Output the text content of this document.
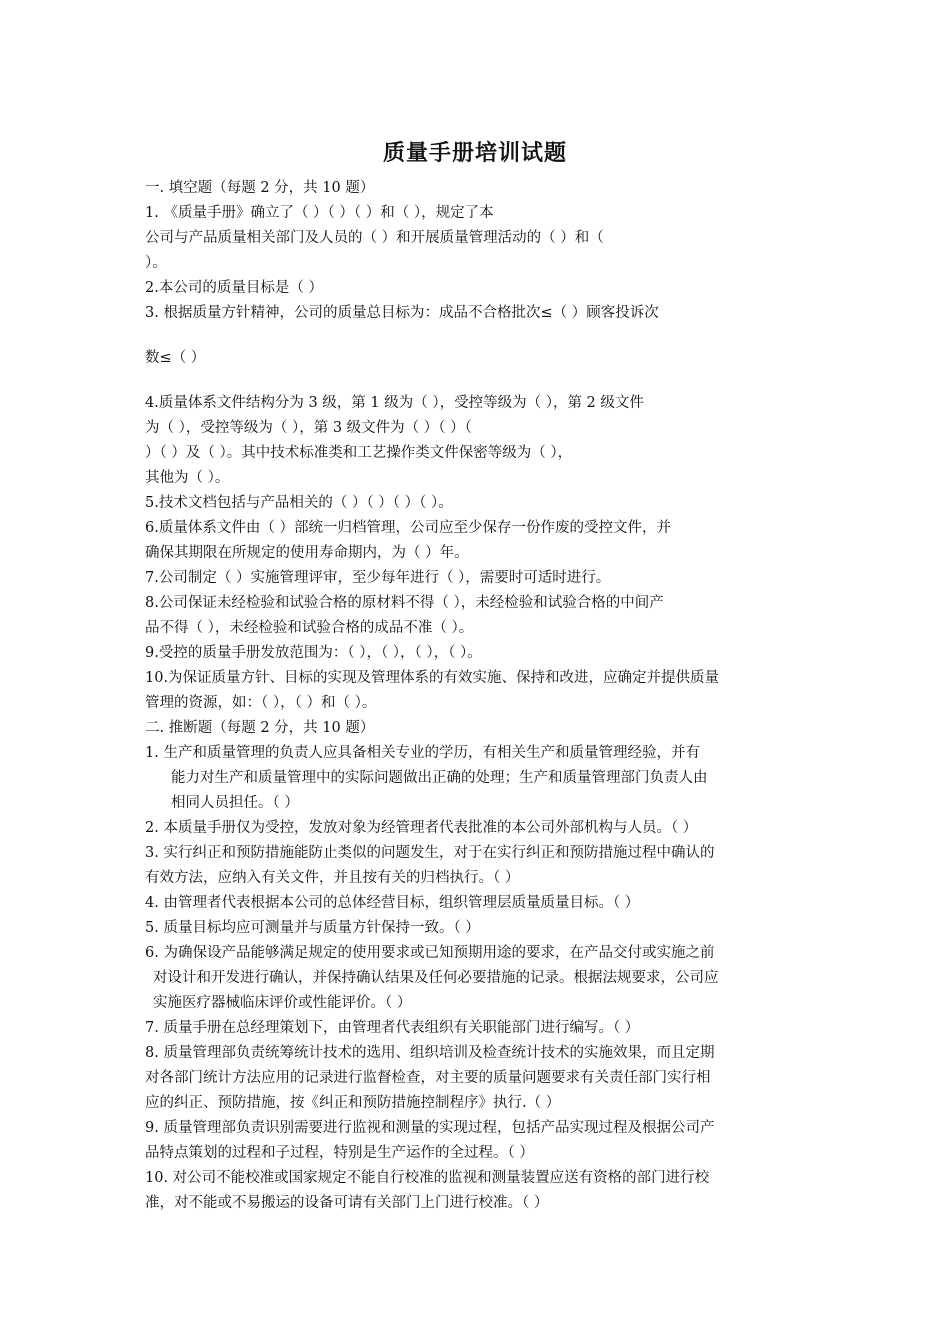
质量手册培训试题
一. 填空题（每题 2 分，共 10 题）
1. 《质量手册》确立了（ ）（ ）（ ）和（ ），规定了本
公司与产品质量相关部门及人员的（ ）和开展质量管理活动的（ ）和（
）。
2.本公司的质量目标是（ ）
3. 根据质量方针精神，公司的质量总目标为：成品不合格批次≤（ ）顾客投诉次
数≤（ ）
4.质量体系文件结构分为 3 级，第 1 级为（ ），受控等级为（ ），第 2 级文件
为（ ），受控等级为（ ），第 3 级文件为（ ）（ ）（
）（ ）及（ ）。其中技术标准类和工艺操作类文件保密等级为（ ），
其他为（ ）。
5.技术文档包括与产品相关的（ ）（ ）（ ）（ ）。
6.质量体系文件由（ ）部统一归档管理，公司应至少保存一份作废的受控文件，并
确保其期限在所规定的使用寿命期内，为（ ）年。
7.公司制定（ ）实施管理评审，至少每年进行（ ），需要时可适时进行。
8.公司保证未经检验和试验合格的原材料不得（ ），未经检验和试验合格的中间产
品不得（ ），未经检验和试验合格的成品不准（ ）。
9.受控的质量手册发放范围为：（ ），（ ），（ ），（ ）。
10.为保证质量方针、目标的实现及管理体系的有效实施、保持和改进，应确定并提供质量
管理的资源，如：（ ），（ ）和（ ）。
二. 推断题（每题 2 分，共 10 题）
1. 生产和质量管理的负责人应具备相关专业的学历，有相关生产和质量管理经验，并有
能力对生产和质量管理中的实际问题做出正确的处理；生产和质量管理部门负责人由
相同人员担任。（ ）
2. 本质量手册仅为受控，发放对象为经管理者代表批准的本公司外部机构与人员。（ ）
3. 实行纠正和预防措施能防止类似的问题发生，对于在实行纠正和预防措施过程中确认的
有效方法，应纳入有关文件，并且按有关的归档执行。（ ）
4. 由管理者代表根据本公司的总体经营目标，组织管理层质量质量目标。（ ）
5. 质量目标均应可测量并与质量方针保持一致。（ ）
6. 为确保设产品能够满足规定的使用要求或已知预期用途的要求，在产品交付或实施之前
对设计和开发进行确认，并保持确认结果及任何必要措施的记录。根据法规要求，公司应
实施医疗器械临床评价或性能评价。（ ）
7. 质量手册在总经理策划下，由管理者代表组织有关职能部门进行编写。（ ）
8. 质量管理部负责统筹统计技术的选用、组织培训及检查统计技术的实施效果，而且定期
对各部门统计方法应用的记录进行监督检查，对主要的质量问题要求有关责任部门实行相
应的纠正、预防措施，按《纠正和预防措施控制程序》执行.（ ）
9. 质量管理部负责识别需要进行监视和测量的实现过程，包括产品实现过程及根据公司产
品特点策划的过程和子过程，特别是生产运作的全过程。（ ）
10. 对公司不能校准或国家规定不能自行校准的监视和测量装置应送有资格的部门进行校
准，对不能或不易搬运的设备可请有关部门上门进行校准。（ ）
